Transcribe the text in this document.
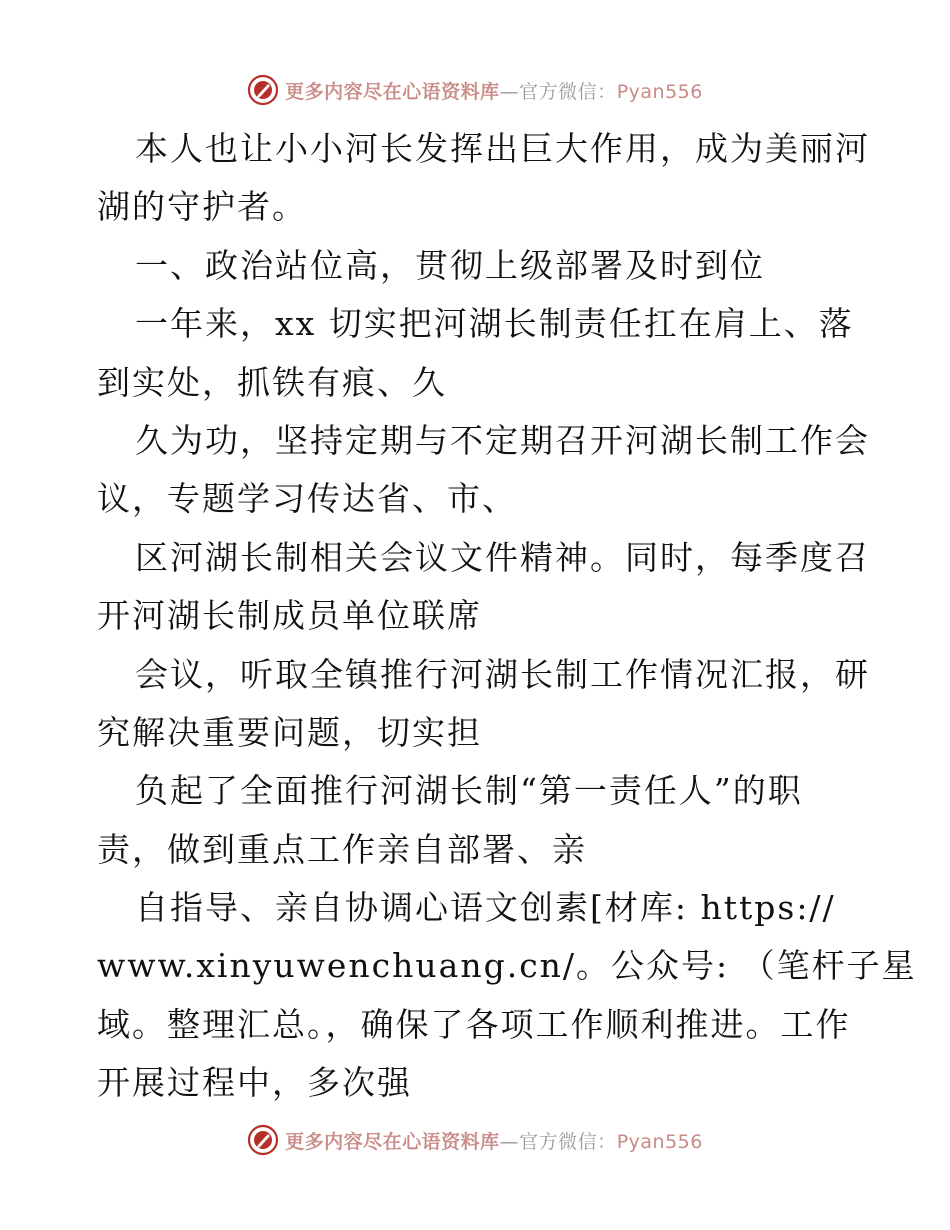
更多内容尽在心语资料库—官方微信：Pyan556
本人也让小小河长发挥出巨大作用，成为美丽河
湖的守护者。
一、政治站位高，贯彻上级部署及时到位
一年来，xx 切实把河湖长制责任扛在肩上、落
到实处，抓铁有痕、久
久为功，坚持定期与不定期召开河湖长制工作会
议，专题学习传达省、市、
区河湖长制相关会议文件精神。同时，每季度召
开河湖长制成员单位联席
会议，听取全镇推行河湖长制工作情况汇报，研
究解决重要问题，切实担
负起了全面推行河湖长制“第一责任人”的职
责，做到重点工作亲自部署、亲
自指导、亲自协调心语文创素[材库: https://
www.xinyuwenchuang.cn/。公众号: （笔杆子星
域。整理汇总。，确保了各项工作顺利推进。工作
开展过程中，多次强
更多内容尽在心语资料库—官方微信：Pyan556
